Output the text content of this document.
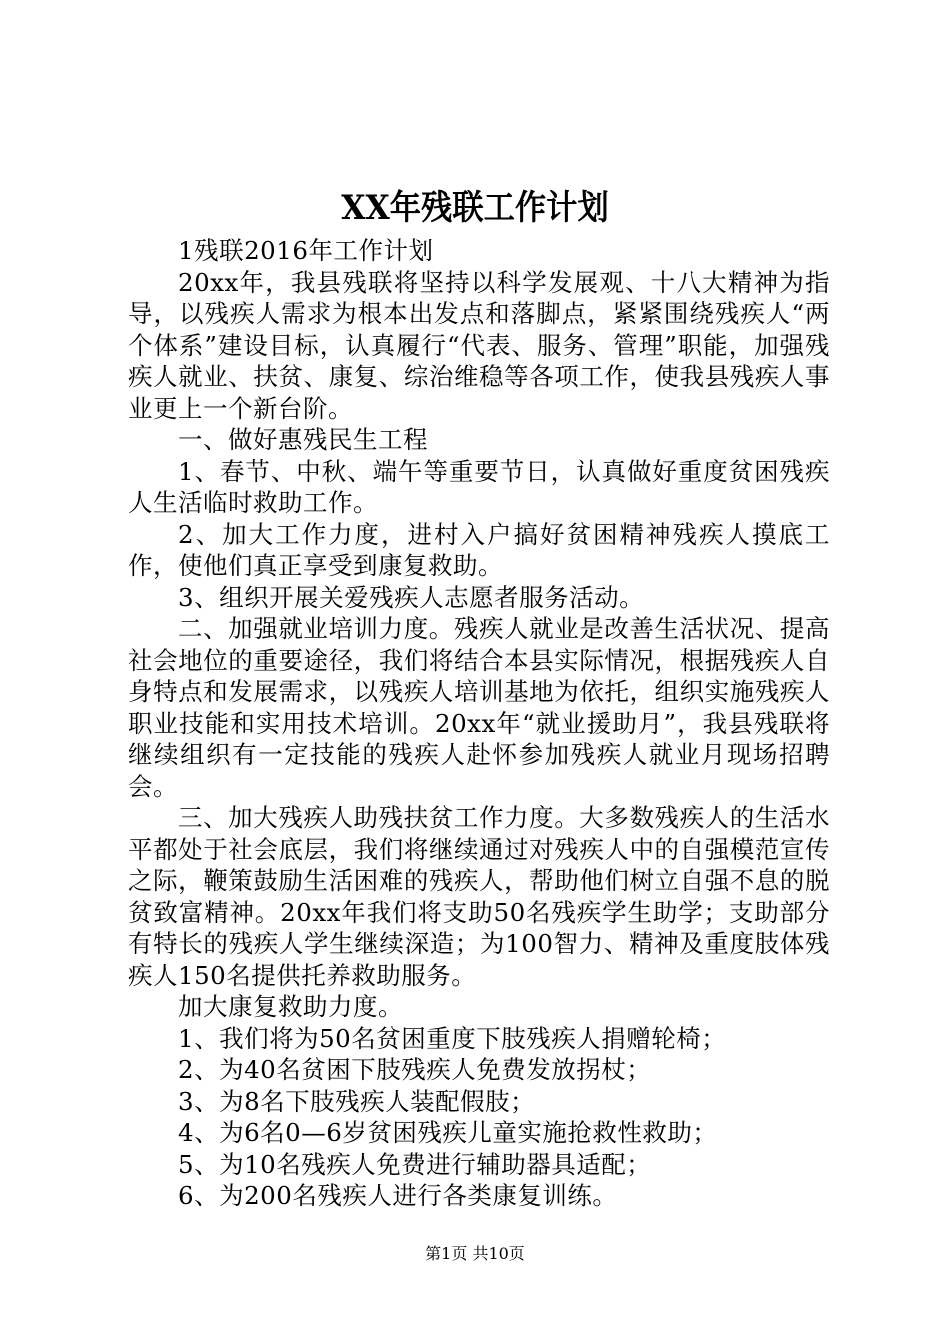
XX年残联工作计划

1残联2016年工作计划

20xx年，我县残联将坚持以科学发展观、十八大精神为指导，以残疾人需求为根本出发点和落脚点，紧紧围绕残疾人“两个体系”建设目标，认真履行“代表、服务、管理”职能，加强残疾人就业、扶贫、康复、综治维稳等各项工作，使我县残疾人事业更上一个新台阶。

一、做好惠残民生工程

1、春节、中秋、端午等重要节日，认真做好重度贫困残疾人生活临时救助工作。

2、加大工作力度，进村入户搞好贫困精神残疾人摸底工作，使他们真正享受到康复救助。

3、组织开展关爱残疾人志愿者服务活动。

二、加强就业培训力度。残疾人就业是改善生活状况、提高社会地位的重要途径，我们将结合本县实际情况，根据残疾人自身特点和发展需求，以残疾人培训基地为依托，组织实施残疾人职业技能和实用技术培训。20xx年“就业援助月”，我县残联将继续组织有一定技能的残疾人赴怀参加残疾人就业月现场招聘会。

三、加大残疾人助残扶贫工作力度。大多数残疾人的生活水平都处于社会底层，我们将继续通过对残疾人中的自强模范宣传之际，鞭策鼓励生活困难的残疾人，帮助他们树立自强不息的脱贫致富精神。20xx年我们将支助50名残疾学生助学；支助部分有特长的残疾人学生继续深造；为100智力、精神及重度肢体残疾人150名提供托养救助服务。

加大康复救助力度。

1、我们将为50名贫困重度下肢残疾人捐赠轮椅；

2、为40名贫困下肢残疾人免费发放拐杖；

3、为8名下肢残疾人装配假肢；

4、为6名0—6岁贫困残疾儿童实施抢救性救助；

5、为10名残疾人免费进行辅助器具适配；

6、为200名残疾人进行各类康复训练。

第1页 共10页
